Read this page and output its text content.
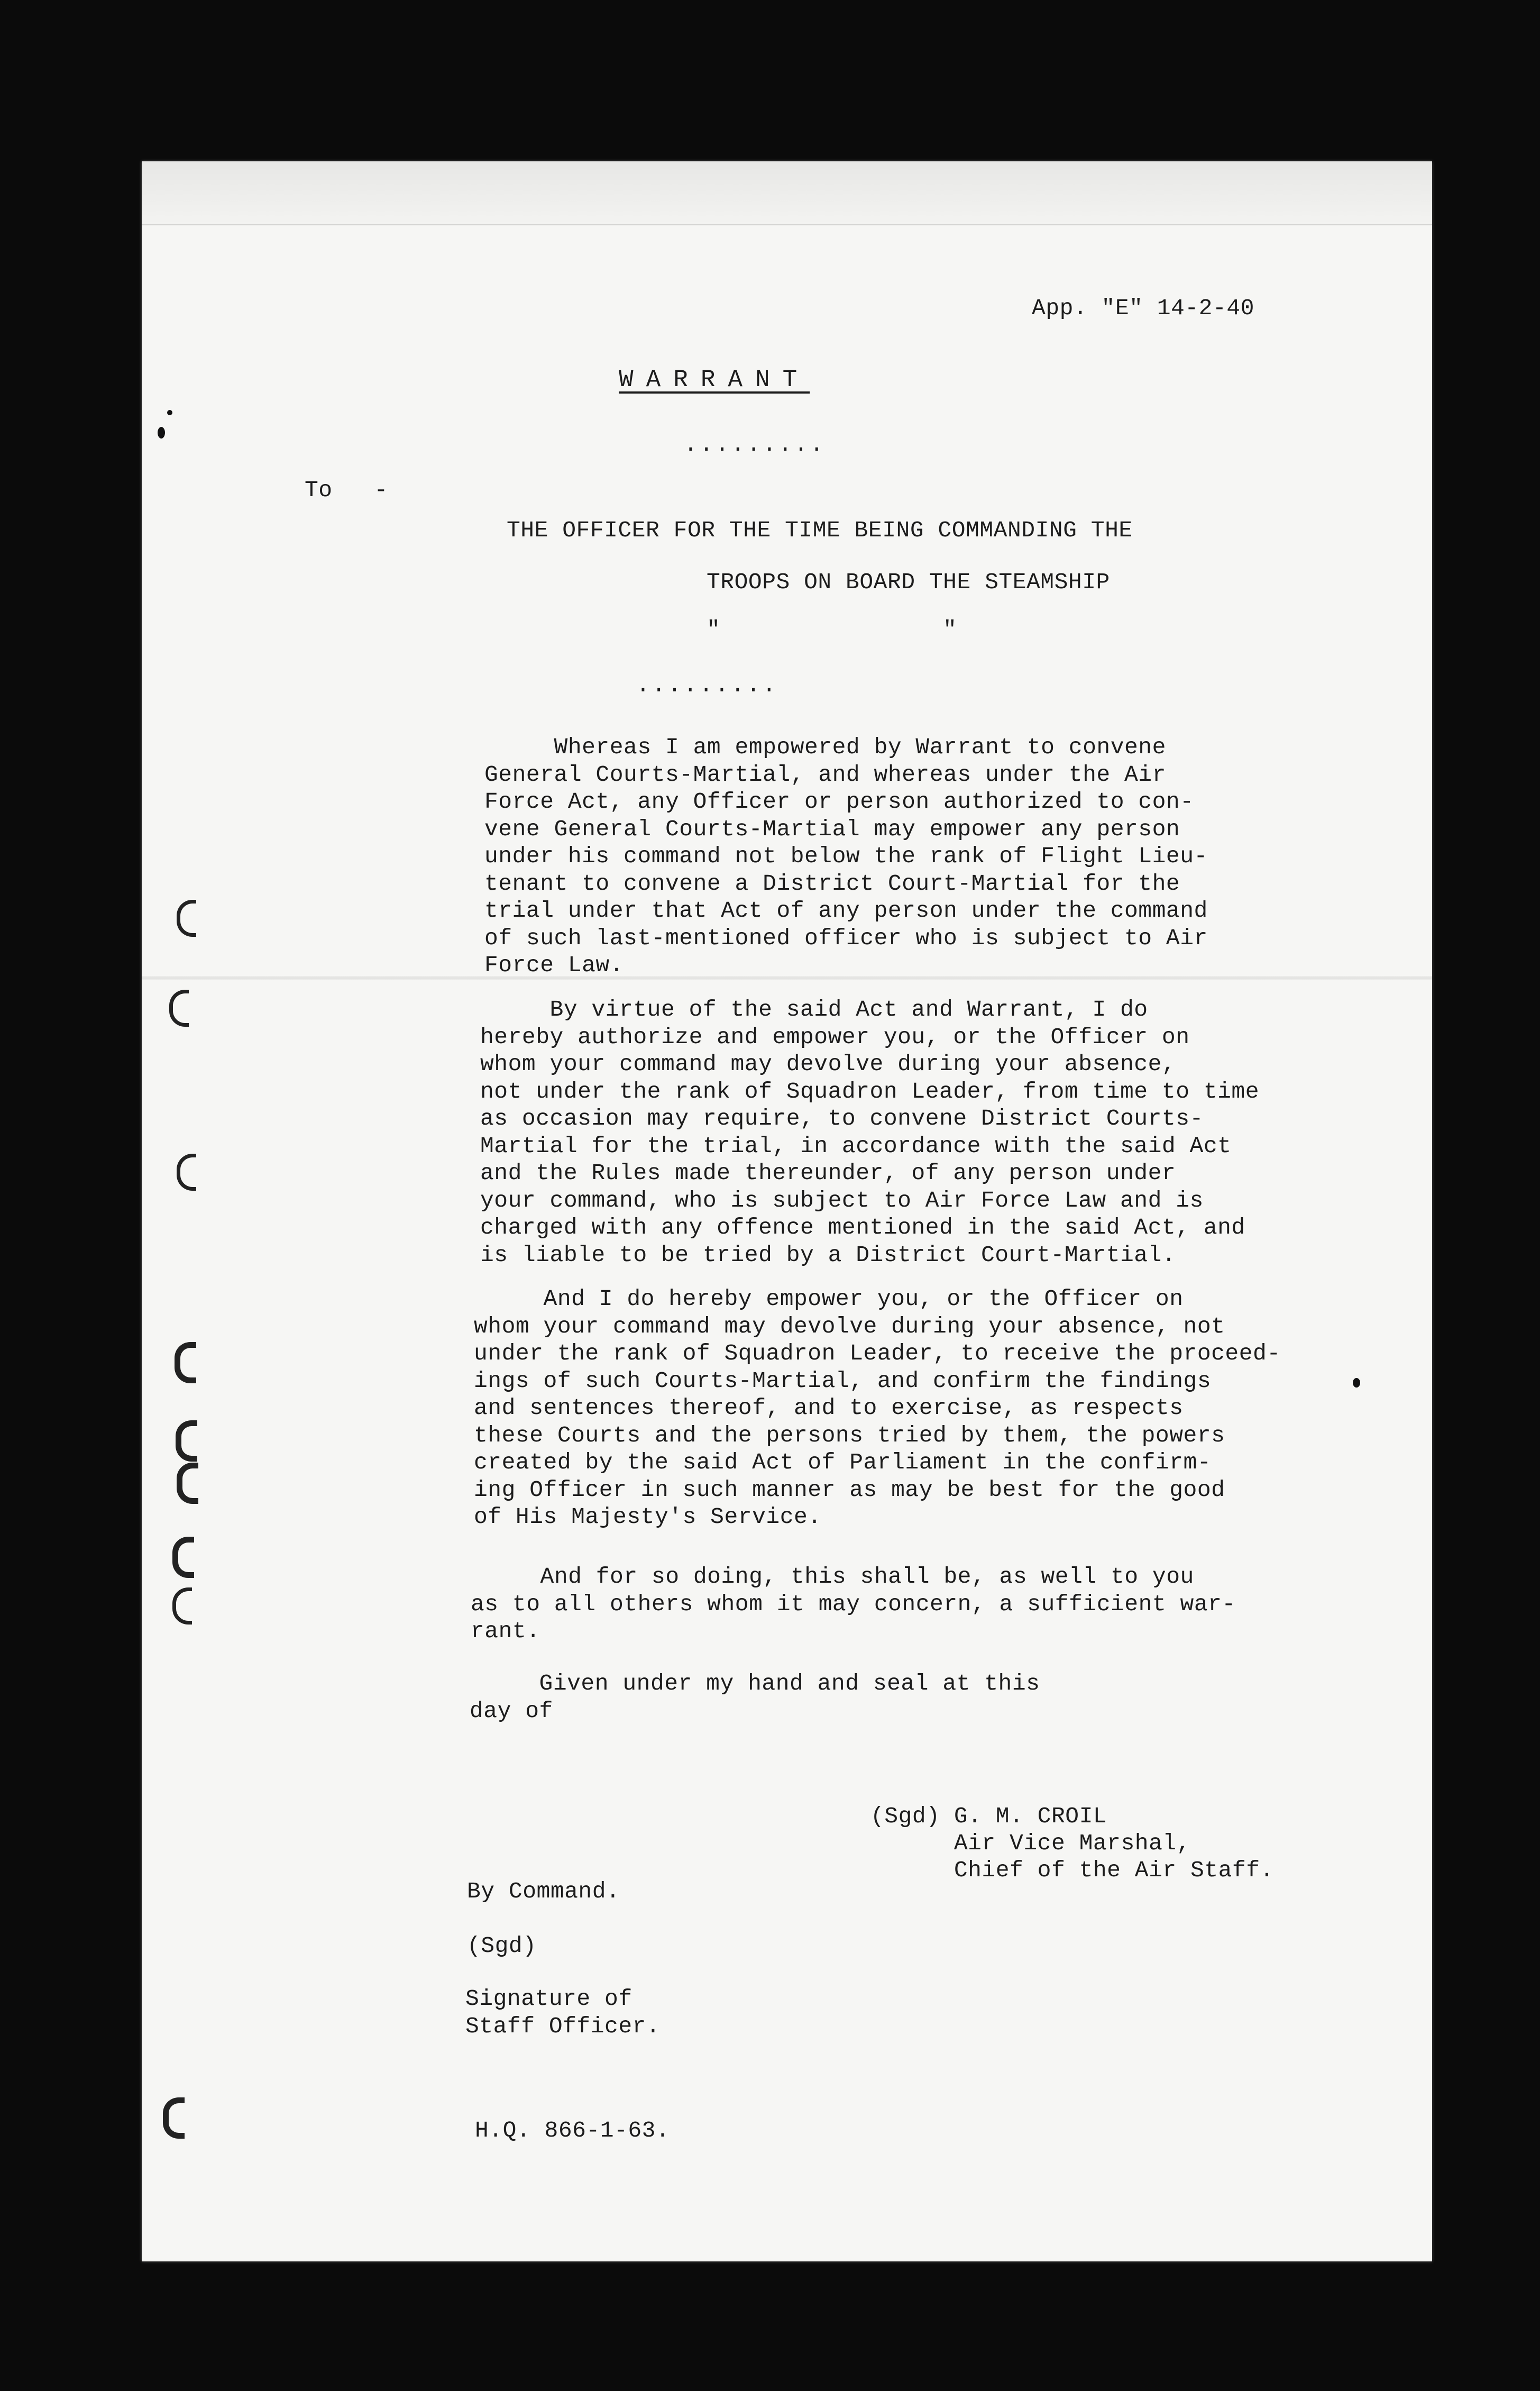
App. "E" 14-2-40
WARRANT
.........
To   -
THE OFFICER FOR THE TIME BEING COMMANDING THE
TROOPS ON BOARD THE STEAMSHIP
"                "
.........

Whereas I am empowered by Warrant to convene
General Courts-Martial, and whereas under the Air
Force Act, any Officer or person authorized to con-
vene General Courts-Martial may empower any person
under his command not below the rank of Flight Lieu-
tenant to convene a District Court-Martial for the
trial under that Act of any person under the command
of such last-mentioned officer who is subject to Air
Force Law.

By virtue of the said Act and Warrant, I do
hereby authorize and empower you, or the Officer on
whom your command may devolve during your absence,
not under the rank of Squadron Leader, from time to time
as occasion may require, to convene District Courts-
Martial for the trial, in accordance with the said Act
and the Rules made thereunder, of any person under
your command, who is subject to Air Force Law and is
charged with any offence mentioned in the said Act, and
is liable to be tried by a District Court-Martial.

And I do hereby empower you, or the Officer on
whom your command may devolve during your absence, not
under the rank of Squadron Leader, to receive the proceed-
ings of such Courts-Martial, and confirm the findings
and sentences thereof, and to exercise, as respects
these Courts and the persons tried by them, the powers
created by the said Act of Parliament in the confirm-
ing Officer in such manner as may be best for the good
of His Majesty's Service.

And for so doing, this shall be, as well to you
as to all others whom it may concern, a sufficient war-
rant.

Given under my hand and seal at this
day of

(Sgd) G. M. CROIL
Air Vice Marshal,
Chief of the Air Staff.
By Command.
(Sgd)

Signature of
Staff Officer.

H.Q. 866-1-63.
